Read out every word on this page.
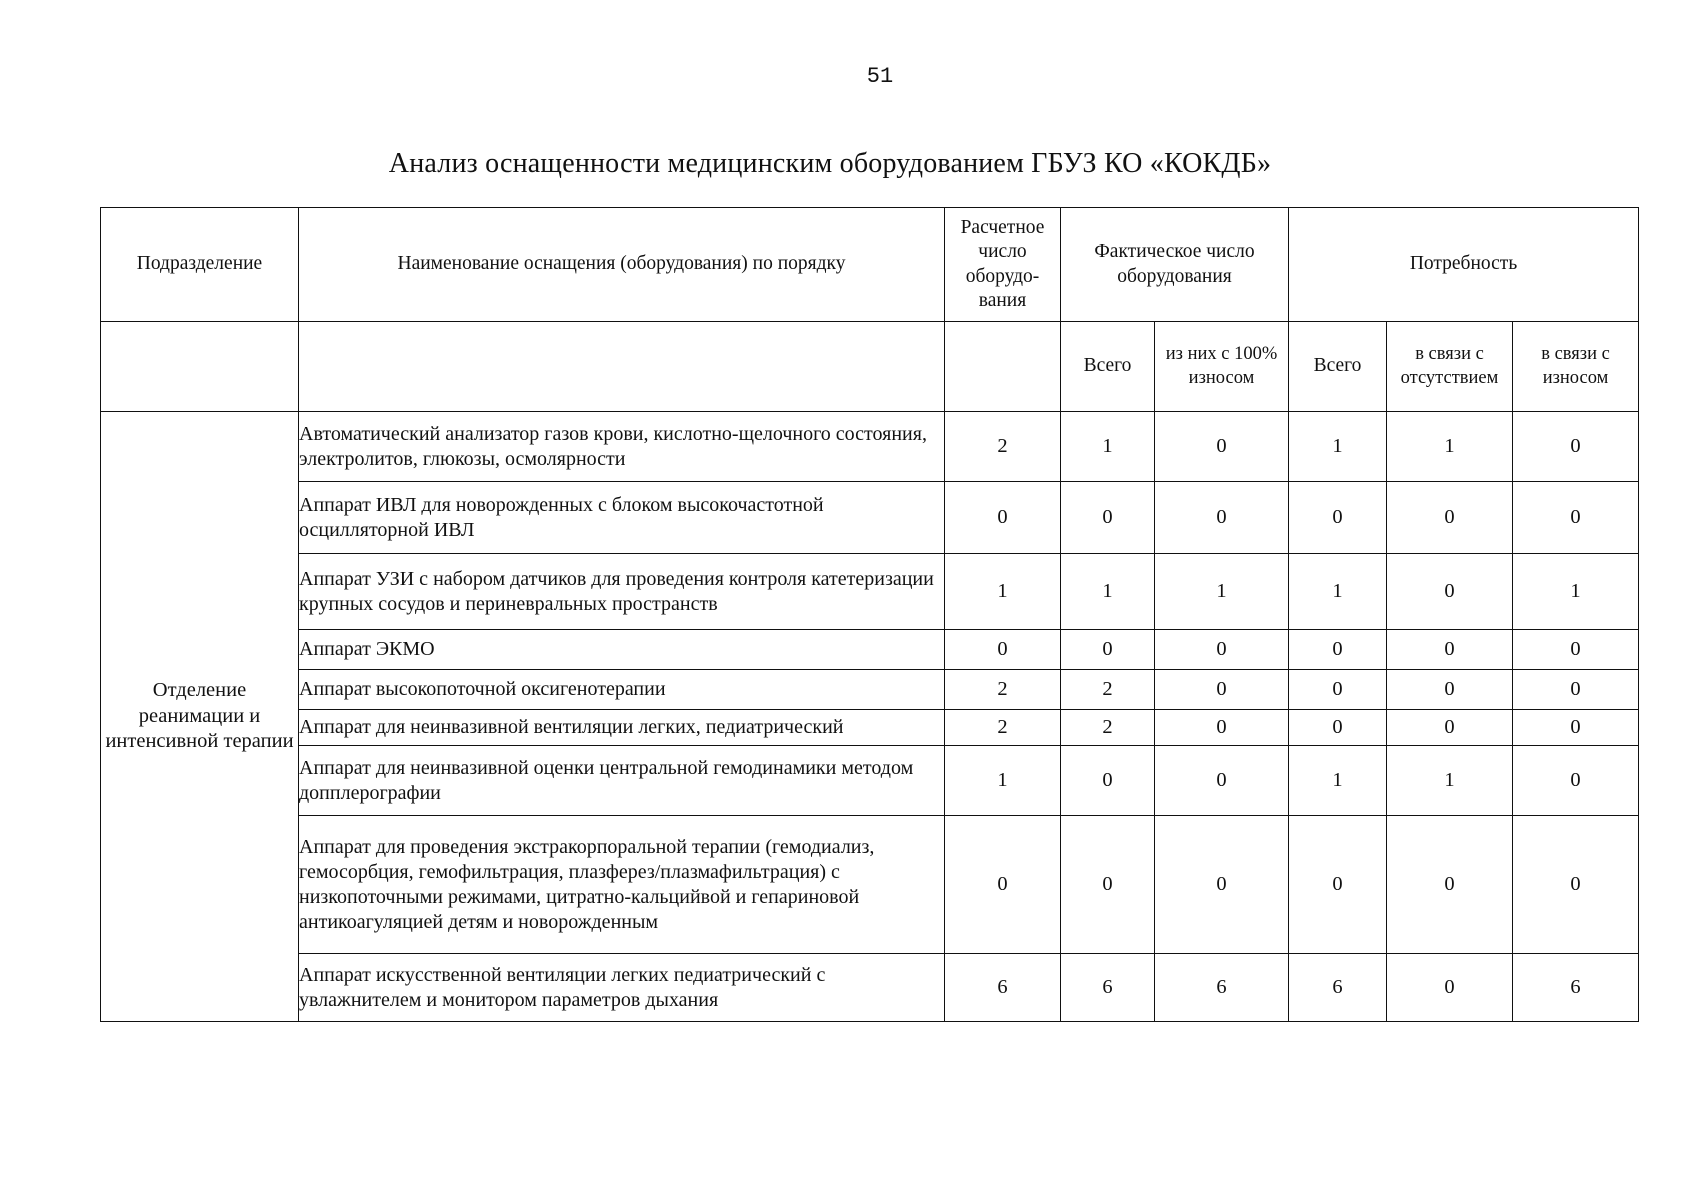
51
Анализ оснащенности медицинским оборудованием ГБУЗ КО «КОКДБ»
Подразделение	Наименование оснащения (оборудования) по порядку	Расчетное число оборудо-вания	Фактическое число оборудования		Потребность		
			Всего	из них с 100% износом	Всего	в связи с отсутствием	в связи с износом
Отделение реанимации и интенсивной терапии	Автоматический анализатор газов крови, кислотно-щелочного состояния, электролитов, глюкозы, осмолярности	2	1	0	1	1	0
	Аппарат ИВЛ для новорожденных с блоком высокочастотной осцилляторной ИВЛ	0	0	0	0	0	0
	Аппарат УЗИ с набором датчиков для проведения контроля катетеризации крупных сосудов и периневральных пространств	1	1	1	1	0	1
	Аппарат ЭКМО	0	0	0	0	0	0
	Аппарат высокопоточной оксигенотерапии	2	2	0	0	0	0
	Аппарат для неинвазивной вентиляции легких, педиатрический	2	2	0	0	0	0
	Аппарат для неинвазивной оценки центральной гемодинамики методом допплерографии	1	0	0	1	1	0
	Аппарат для проведения экстракорпоральной терапии (гемодиализ, гемосорбция, гемофильтрация, плазферез/плазмафильтрация) с низкопоточными режимами, цитратно-кальцийвой и гепариновой антикоагуляцией детям и новорожденным	0	0	0	0	0	0
	Аппарат искусственной вентиляции легких педиатрический с увлажнителем и монитором параметров дыхания	6	6	6	6	0	6
